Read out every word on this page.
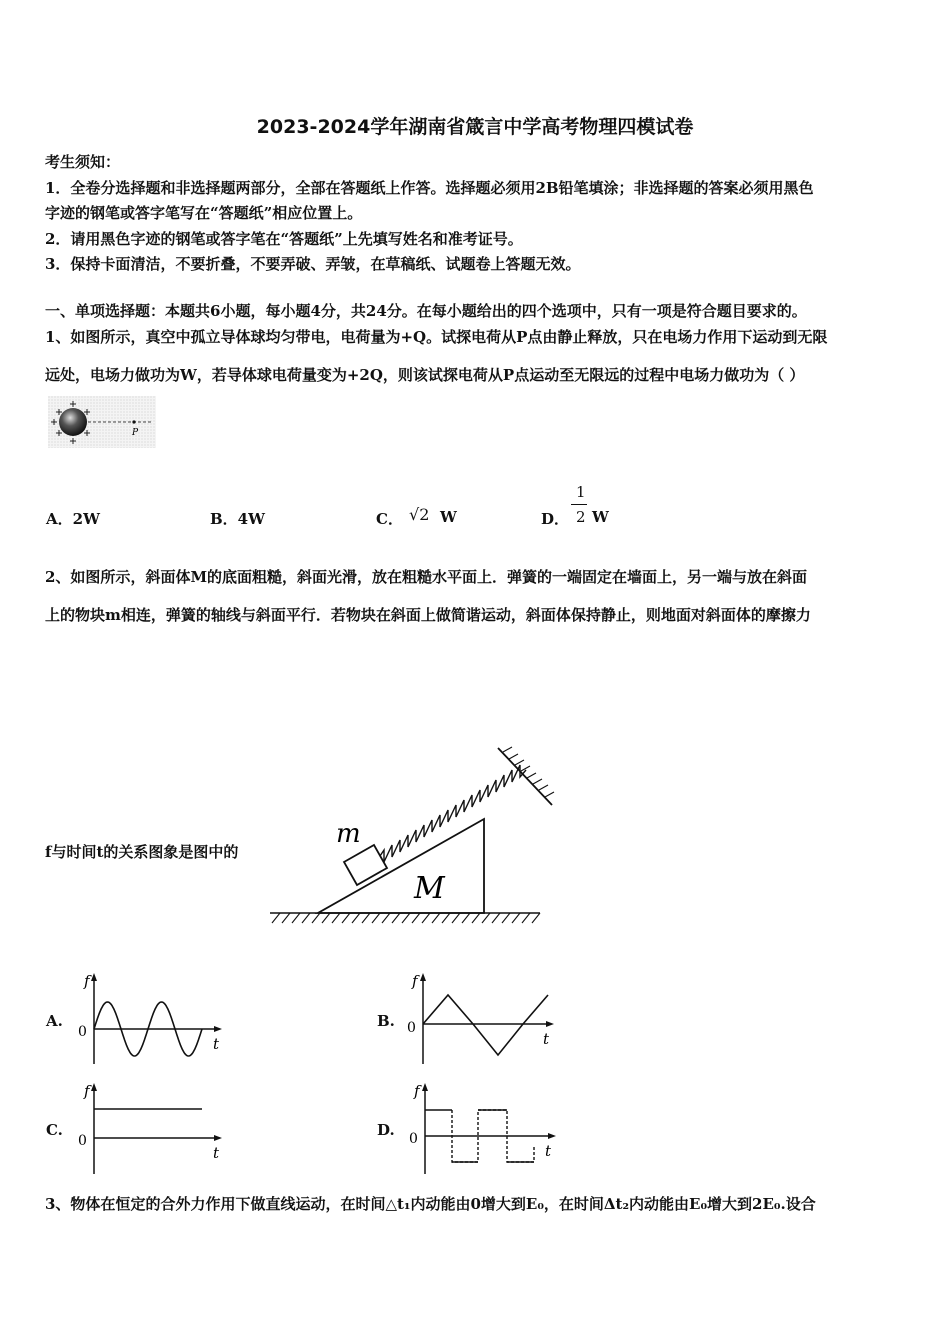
2023-2024学年湖南省箴言中学高考物理四模试卷
考生须知：
1．全卷分选择题和非选择题两部分，全部在答题纸上作答。选择题必须用2B铅笔填涂；非选择题的答案必须用黑色
字迹的钢笔或答字笔写在“答题纸”相应位置上。
2．请用黑色字迹的钢笔或答字笔在“答题纸”上先填写姓名和准考证号。
3．保持卡面清洁，不要折叠，不要弄破、弄皱，在草稿纸、试题卷上答题无效。
一、单项选择题：本题共6小题，每小题4分，共24分。在每小题给出的四个选项中，只有一项是符合题目要求的。
1、如图所示，真空中孤立导体球均匀带电，电荷量为+Q。试探电荷从P点由静止释放，只在电场力作用下运动到无限
远处，电场力做功为W，若导体球电荷量变为+2Q，则该试探电荷从P点运动至无限远的过程中电场力做功为（ ）
P
A．2W	B．4W	C． √2 W	D．
1
2 W
2、如图所示，斜面体M的底面粗糙，斜面光滑，放在粗糙水平面上．弹簧的一端固定在墙面上，另一端与放在斜面
上的物块m相连，弹簧的轴线与斜面平行．若物块在斜面上做简谐运动，斜面体保持静止，则地面对斜面体的摩擦力
f与时间t的关系图象是图中的
M
m
A.
f
0
t
B.
f
0
t
C.
f
0
t
D.
f
0
t
3、物体在恒定的合外力作用下做直线运动，在时间△t₁内动能由0增大到E₀，在时间Δt₂内动能由E₀增大到2E₀.设合
